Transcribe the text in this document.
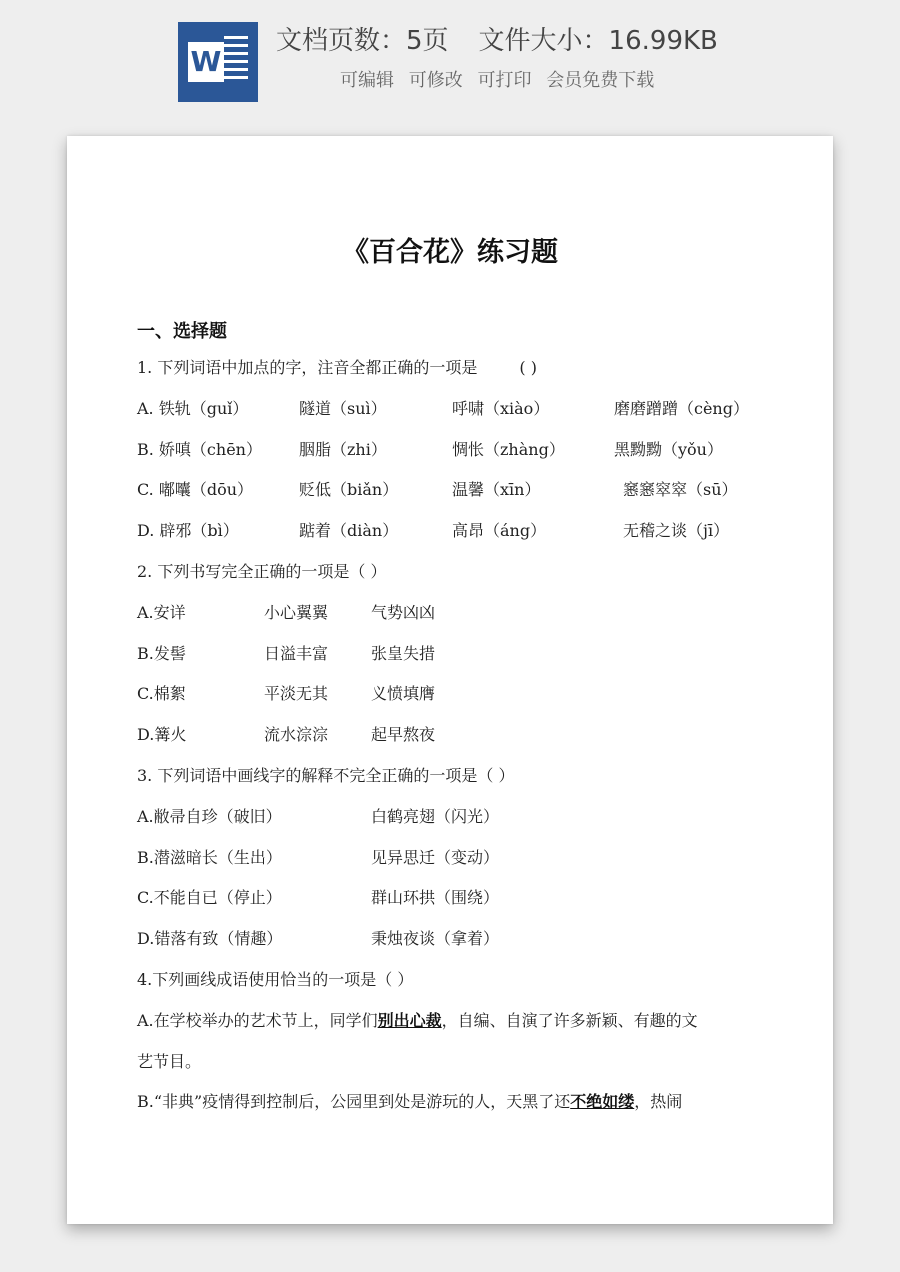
W
文档页数：5页 文件大小：16.99KB
可编辑 可修改 可打印 会员免费下载
《百合花》练习题
一、选择题
1. 下列词语中加点的字，注音全都正确的一项是	( )
A. 铁轨（guǐ）	隧道（suì）	呼啸（xiào）	磨磨蹭蹭（cèng）
B. 娇嗔（chēn） 胭脂（zhi）	惆怅（zhàng）	黑黝黝（yǒu）
C. 嘟囔（dōu）	贬低（biǎn）	温馨（xīn）	窸窸窣窣（sū）
D. 辟邪（bì）	踮着（diàn）	高昂（áng）	无稽之谈（jī）
2. 下列书写完全正确的一项是（ ）
A.安详	小心翼翼	气势凶凶
B.发髻	日溢丰富	张皇失措
C.棉絮	平淡无其	义愤填膺
D.篝火	流水淙淙	起早熬夜
3. 下列词语中画线字的解释不完全正确的一项是（ ）
A.敝帚自珍（破旧）	白鹤亮翅（闪光）
B.潜滋暗长（生出）	见异思迁（变动）
C.不能自已（停止）	群山环拱（围绕）
D.错落有致（情趣）	秉烛夜谈（拿着）
4.下列画线成语使用恰当的一项是（ ）
A.在学校举办的艺术节上，同学们别出心裁，自编、自演了许多新颖、有趣的文
艺节目。
B.“非典”疫情得到控制后，公园里到处是游玩的人，天黑了还不绝如缕，热闹
